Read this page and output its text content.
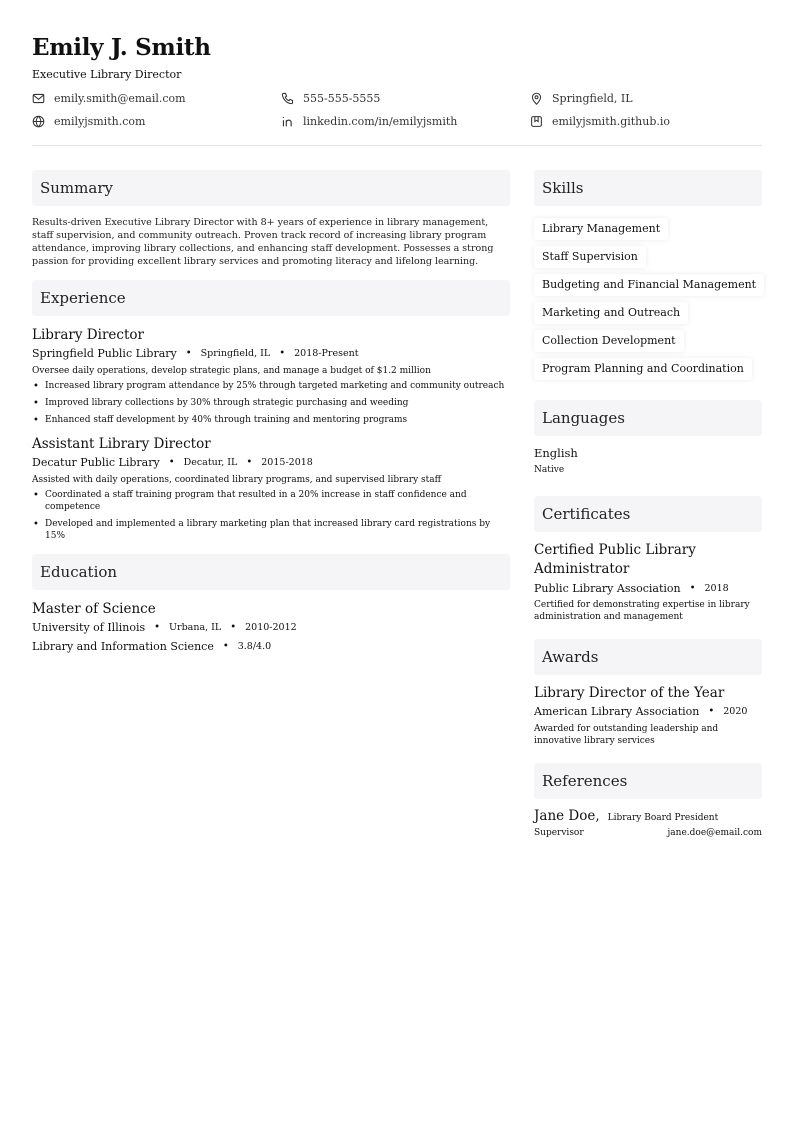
Emily J. Smith
Executive Library Director
emily.smith@email.com	555-555-5555	Springfield, IL
emilyjsmith.com	linkedin.com/in/emilyjsmith	emilyjsmith.github.io
Summary

Results-driven Executive Library Director with 8+ years of experience in library management, staff supervision, and community outreach. Proven track record of increasing library program attendance, improving library collections, and enhancing staff development. Possesses a strong passion for providing excellent library services and promoting literacy and lifelong learning.

Experience
Library Director
Springfield Public Library • Springfield, IL • 2018-Present
Oversee daily operations, develop strategic plans, and manage a budget of $1.2 million
• Increased library program attendance by 25% through targeted marketing and community outreach
• Improved library collections by 30% through strategic purchasing and weeding
• Enhanced staff development by 40% through training and mentoring programs
Assistant Library Director
Decatur Public Library • Decatur, IL • 2015-2018
Assisted with daily operations, coordinated library programs, and supervised library staff
• Coordinated a staff training program that resulted in a 20% increase in staff confidence and competence
• Developed and implemented a library marketing plan that increased library card registrations by 15%
Education
Master of Science
University of Illinois • Urbana, IL • 2010-2012
Library and Information Science • 3.8/4.0
Skills
Library Management
Staff Supervision
Budgeting and Financial Management
Marketing and Outreach
Collection Development
Program Planning and Coordination
Languages
English
Native
Certificates
Certified Public Library Administrator
Public Library Association • 2018
Certified for demonstrating expertise in library administration and management
Awards
Library Director of the Year
American Library Association • 2020
Awarded for outstanding leadership and innovative library services
References
Jane Doe, Library Board President
Supervisor	jane.doe@email.com
